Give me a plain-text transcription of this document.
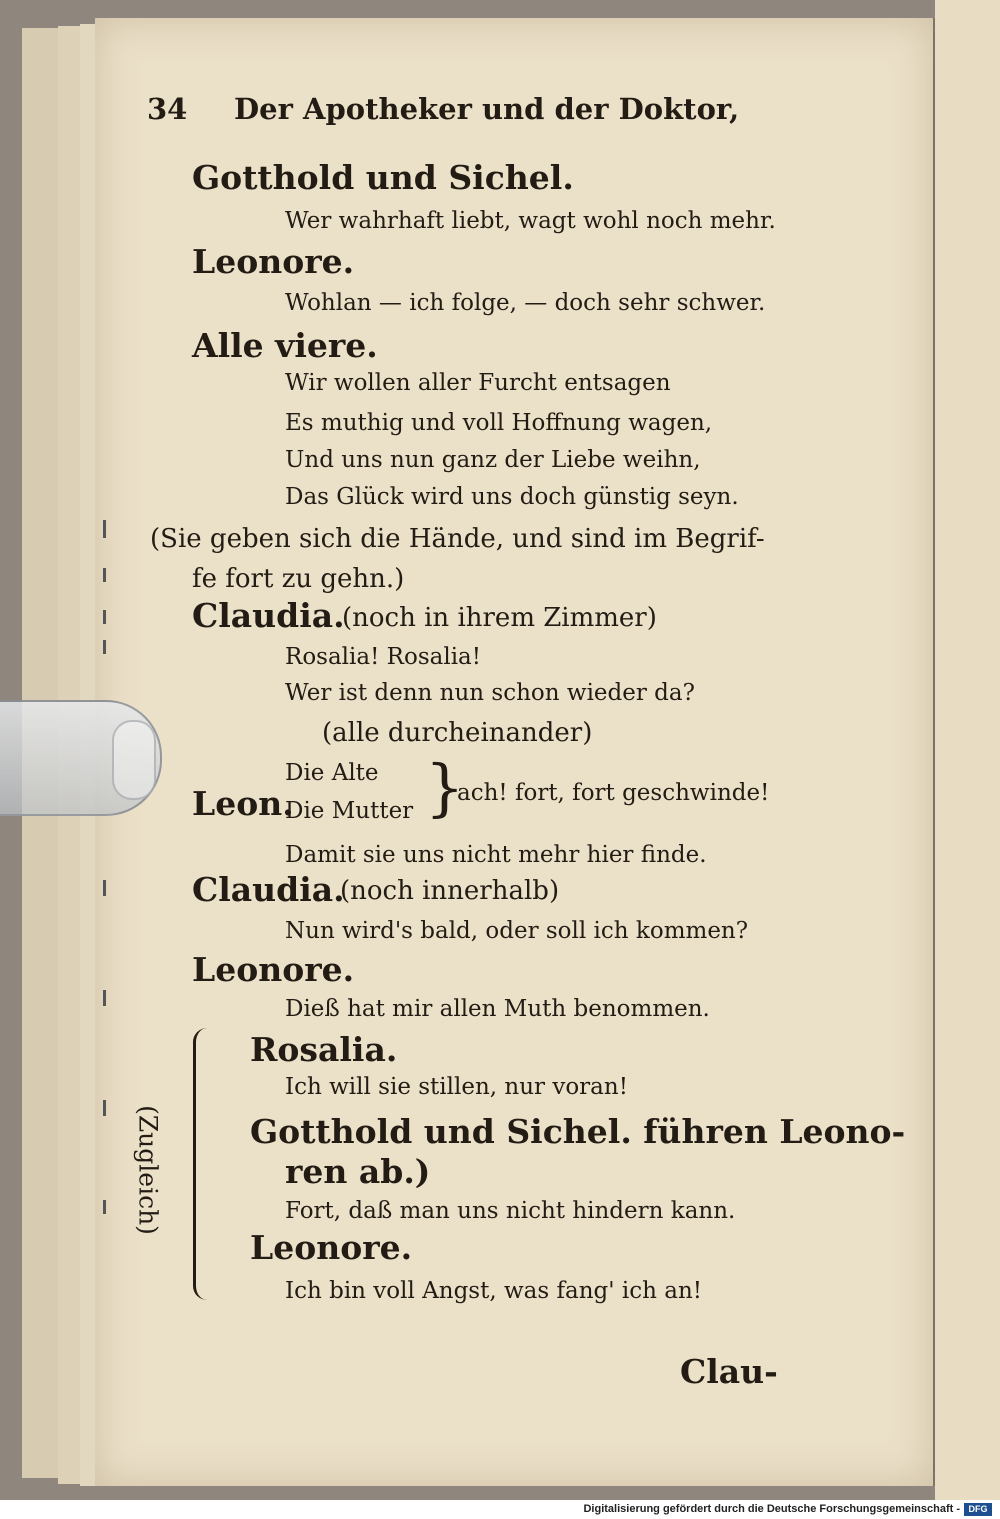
34 Der Apotheker und der Doktor,
Gotthold und Sichel.
Wer wahrhaft liebt, wagt wohl noch mehr.
Leonore.
Wohlan — ich folge, — doch sehr schwer.
Alle viere.
Wir wollen aller Furcht entsagen
Es muthig und voll Hoffnung wagen,
Und uns nun ganz der Liebe weihn,
Das Glück wird uns doch günstig seyn.
(Sie geben sich die Hände, und sind im Begrif-
fe fort zu gehn.)
Claudia.
(noch in ihrem Zimmer)
Rosalia! Rosalia!
Wer ist denn nun schon wieder da?
(alle durcheinander)
Die Alte
Leon.
Die Mutter }
ach! fort, fort geschwinde!
Damit sie uns nicht mehr hier finde.
Claudia.
(noch innerhalb)
Nun wird's bald, oder soll ich kommen?
Leonore.
Dieß hat mir allen Muth benommen.
(Zugleich)
Rosalia.
Ich will sie stillen, nur voran!
Gotthold und Sichel. führen Leono-
ren ab.)
Fort, daß man uns nicht hindern kann.
Leonore.
Ich bin voll Angst, was fang' ich an!
Clau-
Digitalisierung gefördert durch die Deutsche Forschungsgemeinschaft - DFG
